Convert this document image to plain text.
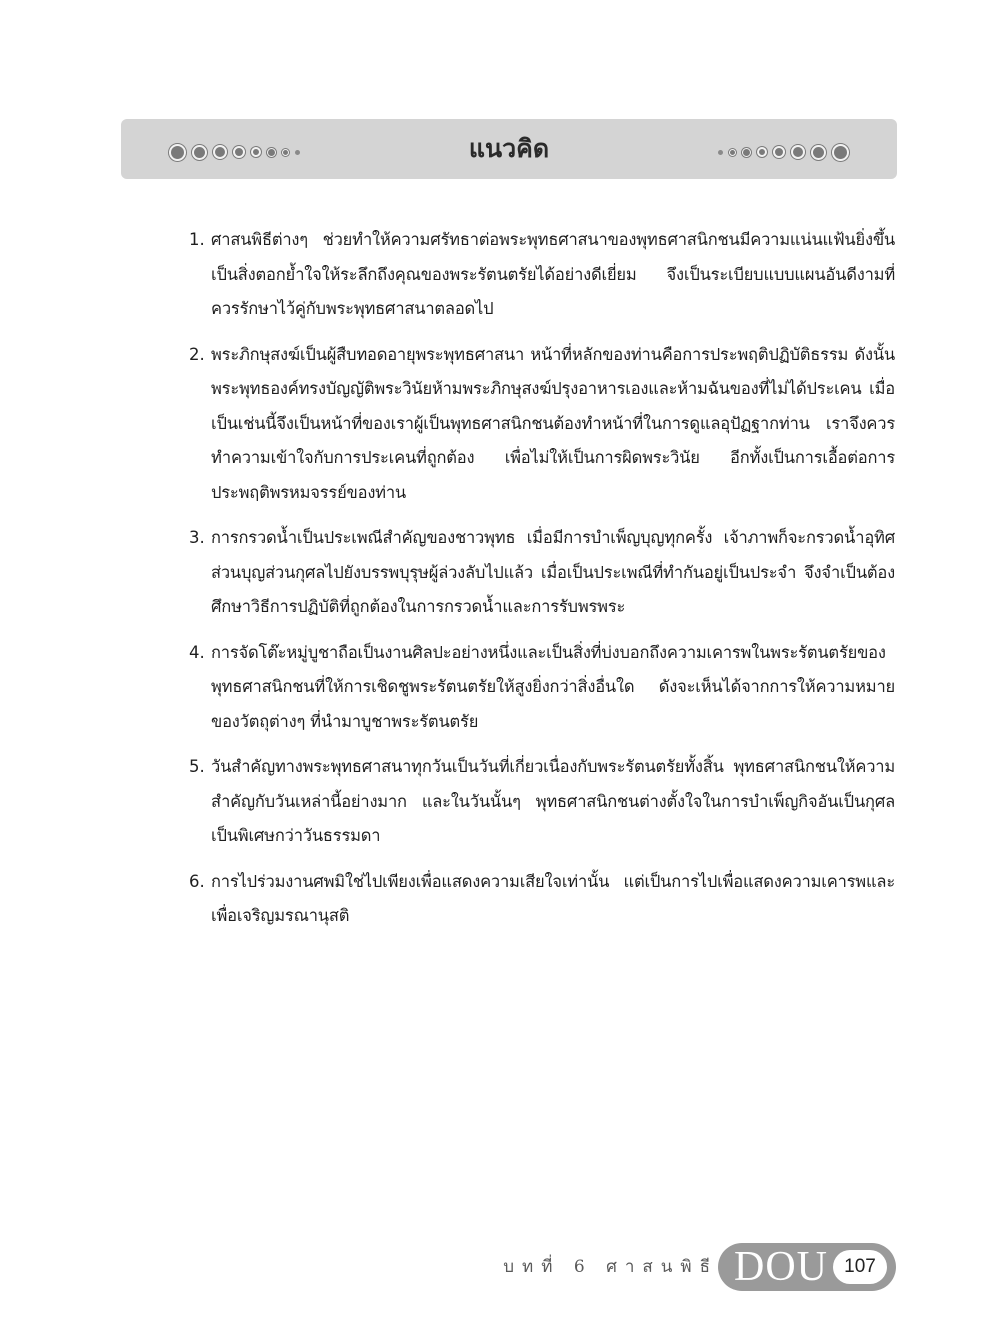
แนวคิด
1. ศาสนพิธีต่างๆ ช่วยทำให้ความศรัทธาต่อพระพุทธศาสนาของพุทธศาสนิกชนมีความแน่นแฟ้นยิ่งขึ้น เป็นสิ่งตอกย้ำใจให้ระลึกถึงคุณของพระรัตนตรัยได้อย่างดีเยี่ยม จึงเป็นระเบียบแบบแผนอันดีงามที่ควรรักษาไว้คู่กับพระพุทธศาสนาตลอดไป
2. พระภิกษุสงฆ์เป็นผู้สืบทอดอายุพระพุทธศาสนา หน้าที่หลักของท่านคือการประพฤติปฏิบัติธรรม ดังนั้นพระพุทธองค์ทรงบัญญัติพระวินัยห้ามพระภิกษุสงฆ์ปรุงอาหารเองและห้ามฉันของที่ไม่ได้ประเคน เมื่อเป็นเช่นนี้จึงเป็นหน้าที่ของเราผู้เป็นพุทธศาสนิกชนต้องทำหน้าที่ในการดูแลอุปัฏฐากท่าน เราจึงควรทำความเข้าใจกับการประเคนที่ถูกต้อง เพื่อไม่ให้เป็นการผิดพระวินัย อีกทั้งเป็นการเอื้อต่อการประพฤติพรหมจรรย์ของท่าน
3. การกรวดน้ำเป็นประเพณีสำคัญของชาวพุทธ เมื่อมีการบำเพ็ญบุญทุกครั้ง เจ้าภาพก็จะกรวดน้ำอุทิศส่วนบุญส่วนกุศลไปยังบรรพบุรุษผู้ล่วงลับไปแล้ว เมื่อเป็นประเพณีที่ทำกันอยู่เป็นประจำ จึงจำเป็นต้องศึกษาวิธีการปฏิบัติที่ถูกต้องในการกรวดน้ำและการรับพรพระ
4. การจัดโต๊ะหมู่บูชาถือเป็นงานศิลปะอย่างหนึ่งและเป็นสิ่งที่บ่งบอกถึงความเคารพในพระรัตนตรัยของพุทธศาสนิกชนที่ให้การเชิดชูพระรัตนตรัยให้สูงยิ่งกว่าสิ่งอื่นใด ดังจะเห็นได้จากการให้ความหมายของวัตถุต่างๆ ที่นำมาบูชาพระรัตนตรัย
5. วันสำคัญทางพระพุทธศาสนาทุกวันเป็นวันที่เกี่ยวเนื่องกับพระรัตนตรัยทั้งสิ้น พุทธศาสนิกชนให้ความสำคัญกับวันเหล่านี้อย่างมาก และในวันนั้นๆ พุทธศาสนิกชนต่างตั้งใจในการบำเพ็ญกิจอันเป็นกุศลเป็นพิเศษกว่าวันธรรมดา
6. การไปร่วมงานศพมิใช่ไปเพียงเพื่อแสดงความเสียใจเท่านั้น แต่เป็นการไปเพื่อแสดงความเคารพและเพื่อเจริญมรณานุสติ
บทที่ 6 ศาสนพิธี DOU 107
